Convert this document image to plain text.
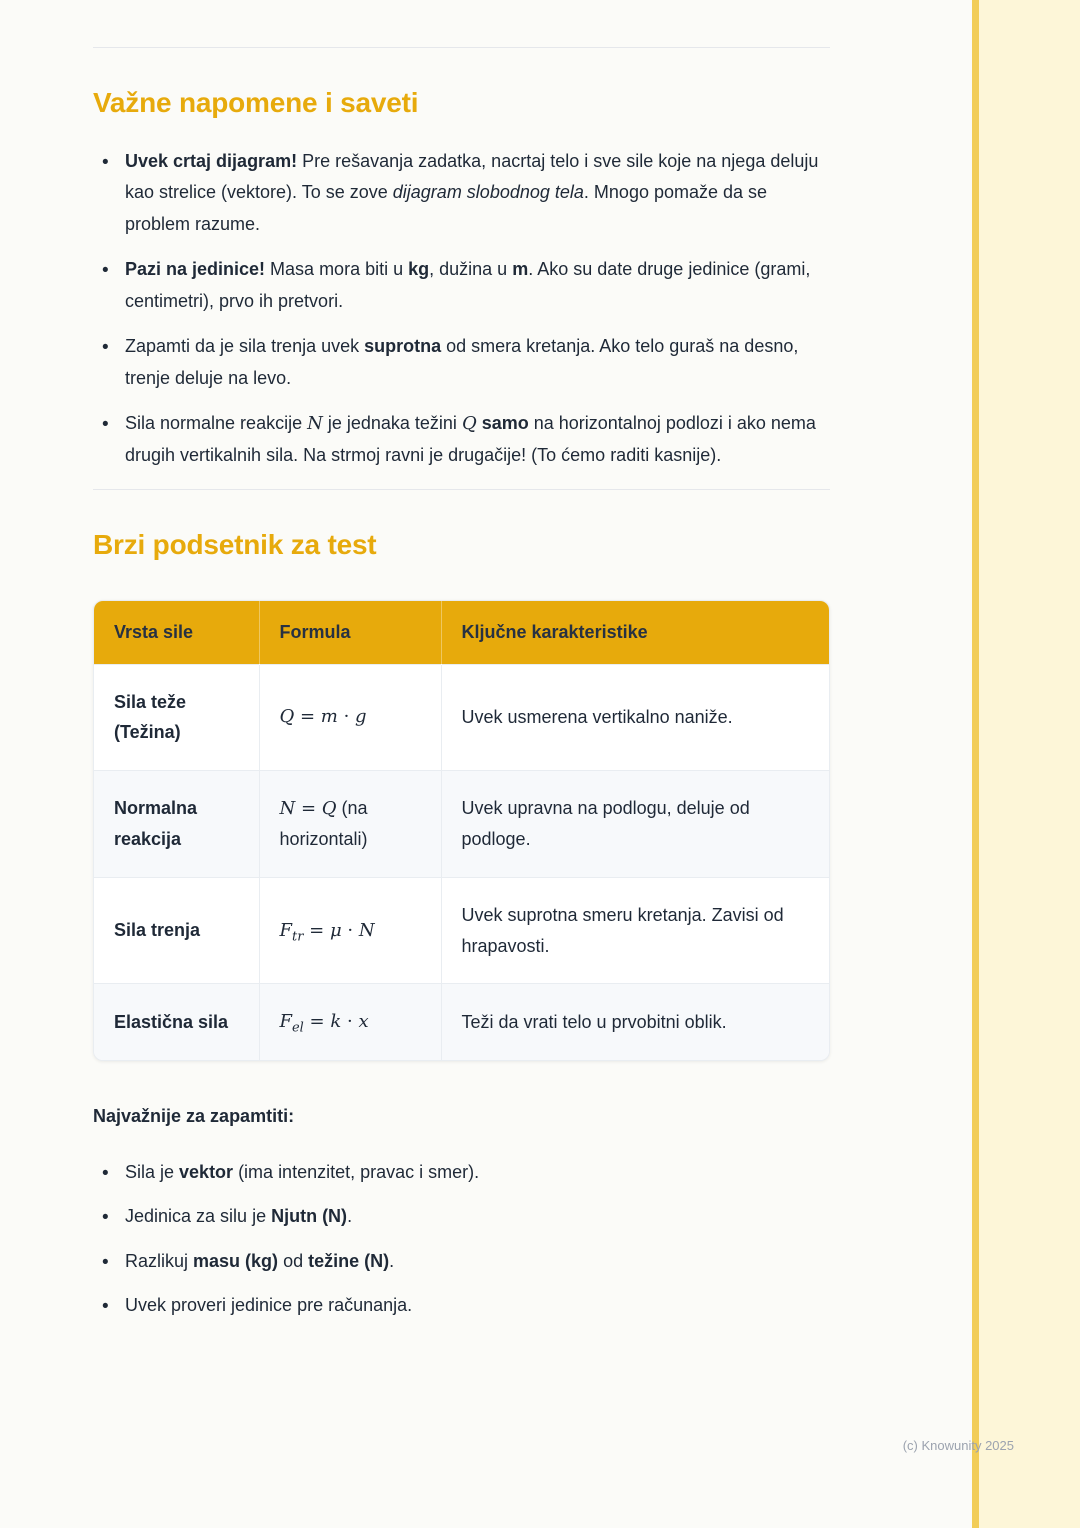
Važne napomene i saveti
• Uvek crtaj dijagram! Pre rešavanja zadatka, nacrtaj telo i sve sile koje na njega deluju kao strelice (vektore). To se zove dijagram slobodnog tela. Mnogo pomaže da se problem razume.
• Pazi na jedinice! Masa mora biti u kg, dužina u m. Ako su date druge jedinice (grami, centimetri), prvo ih pretvori.
• Zapamti da je sila trenja uvek suprotna od smera kretanja. Ako telo guraš na desno, trenje deluje na levo.
• Sila normalne reakcije N je jednaka težini Q samo na horizontalnoj podlozi i ako nema drugih vertikalnih sila. Na strmoj ravni je drugačije! (To ćemo raditi kasnije).
Brzi podsetnik za test
Vrsta sile	Formula	Ključne karakteristike
Sila teže (Težina)	Q = m · g	Uvek usmerena vertikalno naniže.
Normalna reakcija	N = Q (na horizontali)	Uvek upravna na podlogu, deluje od podloge.
Sila trenja	$F_{tr} = \mu \cdot N$	Uvek suprotna smeru kretanja. Zavisi od hrapavosti.
Elastična sila	$F_{el} = k \cdot x$	Teži da vrati telo u prvobitni oblik.

Najvažnije za zapamtiti:

• Sila je vektor (ima intenzitet, pravac i smer).
• Jedinica za silu je Njutn (N).
• Razlikuj masu (kg) od težine (N).
• Uvek proveri jedinice pre računanja.
(c) Knowunity 2025
